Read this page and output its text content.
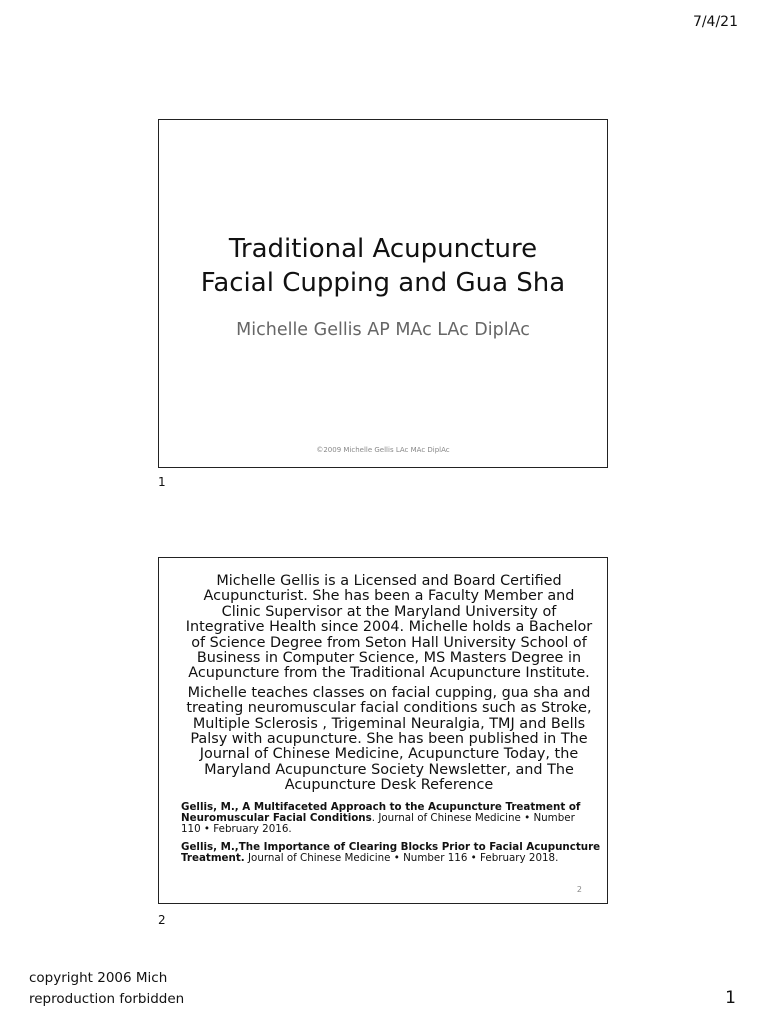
7/4/21
Traditional Acupuncture
Facial Cupping and Gua Sha
Michelle Gellis AP MAc LAc DiplAc
©2009 Michelle Gellis LAc MAc DiplAc
1

Michelle Gellis is a Licensed and Board Certified
Acupuncturist. She has been a Faculty Member and
Clinic Supervisor at the Maryland University of
Integrative Health since 2004. Michelle holds a Bachelor
of Science Degree from Seton Hall University School of
Business in Computer Science, MS Masters Degree in
Acupuncture from the Traditional Acupuncture Institute.

Michelle teaches classes on facial cupping, gua sha and
treating neuromuscular facial conditions such as Stroke,
Multiple Sclerosis , Trigeminal Neuralgia, TMJ and Bells
Palsy with acupuncture. She has been published in The
Journal of Chinese Medicine, Acupuncture Today, the
Maryland Acupuncture Society Newsletter, and The
Acupuncture Desk Reference

Gellis, M., A Multifaceted Approach to the Acupuncture Treatment of
Neuromuscular Facial Conditions. Journal of Chinese Medicine • Number
110 • February 2016.

Gellis, M.,The Importance of Clearing Blocks Prior to Facial Acupuncture
Treatment. Journal of Chinese Medicine • Number 116 • February 2018.

2
2
copyright 2006 Mich
reproduction forbidden	1
